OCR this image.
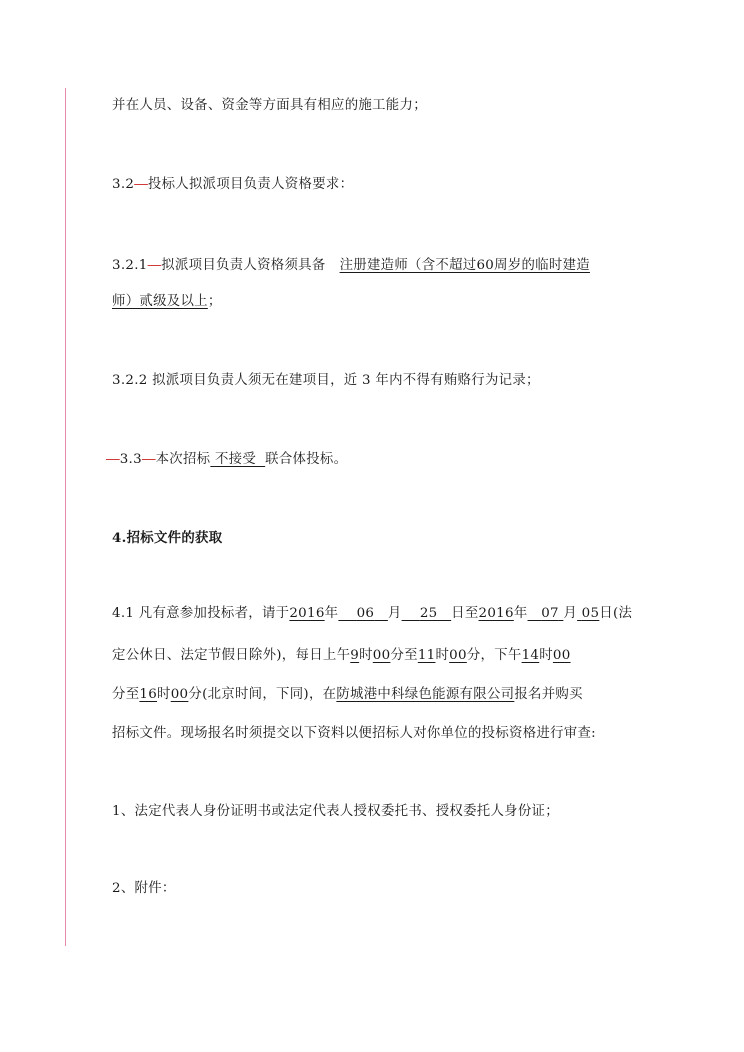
并在人员、设备、资金等方面具有相应的施工能力；
3.2—投标人拟派项目负责人资格要求：
3.2.1—拟派项目负责人资格须具备 注册建造师（含不超过60周岁的临时建造
师）贰级及以上；
3.2.2 拟派项目负责人须无在建项目，近 3 年内不得有贿赂行为记录；
—3.3—本次招标 不接受 联合体投标。
4.招标文件的获取
4.1 凡有意参加投标者，请于2016年 06 月 25 日至2016年 07 月 05日(法
定公休日、法定节假日除外)，每日上午9时00分至11时00分，下午14时00
分至16时00分(北京时间，下同)，在防城港中科绿色能源有限公司报名并购买
招标文件。现场报名时须提交以下资料以便招标人对你单位的投标资格进行审查:
1、法定代表人身份证明书或法定代表人授权委托书、授权委托人身份证；
2、附件：
